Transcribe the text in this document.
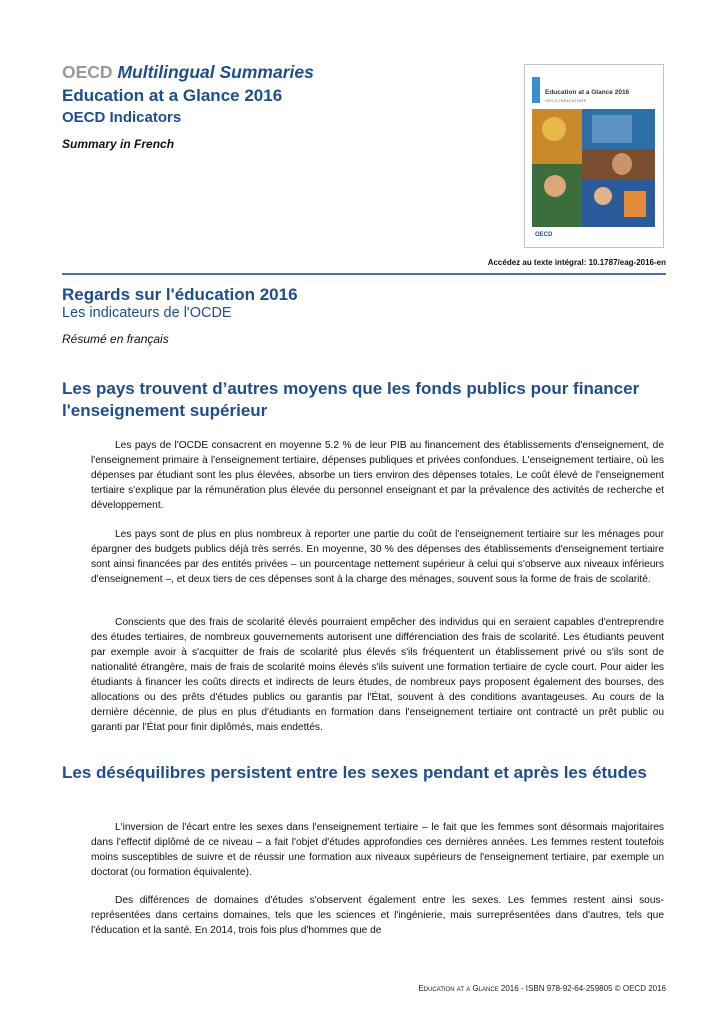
OECD Multilingual Summaries
Education at a Glance 2016
OECD Indicators
Summary in French
Education at a Glance 2016
OECD INDICATORS
OECD
Accédez au texte intégral: 10.1787/eag-2016-en
Regards sur l'éducation 2016
Les indicateurs de l'OCDE
Résumé en français
Les pays trouvent d’autres moyens que les fonds publics pour financer l'enseignement supérieur
Les pays de l'OCDE consacrent en moyenne 5.2 % de leur PIB au financement des établissements d'enseignement, de l'enseignement primaire à l'enseignement tertiaire, dépenses publiques et privées confondues. L'enseignement tertiaire, où les dépenses par étudiant sont les plus élevées, absorbe un tiers environ des dépenses totales. Le coût élevé de l'enseignement tertiaire s'explique par la rémunération plus élevée du personnel enseignant et par la prévalence des activités de recherche et développement.
Les pays sont de plus en plus nombreux à reporter une partie du coût de l'enseignement tertiaire sur les ménages pour épargner des budgets publics déjà très serrés. En moyenne, 30 % des dépenses des établissements d'enseignement tertiaire sont ainsi financées par des entités privées – un pourcentage nettement supérieur à celui qui s'observe aux niveaux inférieurs d'enseignement –, et deux tiers de ces dépenses sont à la charge des ménages, souvent sous la forme de frais de scolarité.
Conscients que des frais de scolarité élevés pourraient empêcher des individus qui en seraient capables d'entreprendre des études tertiaires, de nombreux gouvernements autorisent une différenciation des frais de scolarité. Les étudiants peuvent par exemple avoir à s'acquitter de frais de scolarité plus élevés s'ils fréquentent un établissement privé ou s'ils sont de nationalité étrangère, mais de frais de scolarité moins élevés s'ils suivent une formation tertiaire de cycle court. Pour aider les étudiants à financer les coûts directs et indirects de leurs études, de nombreux pays proposent également des bourses, des allocations ou des prêts d'études publics ou garantis par l'État, souvent à des conditions avantageuses. Au cours de la dernière décennie, de plus en plus d'étudiants en formation dans l'enseignement tertiaire ont contracté un prêt public ou garanti par l'État pour finir diplômés, mais endettés.
Les déséquilibres persistent entre les sexes pendant et après les études
L'inversion de l'écart entre les sexes dans l'enseignement tertiaire – le fait que les femmes sont désormais majoritaires dans l'effectif diplômé de ce niveau – a fait l'objet d'études approfondies ces dernières années. Les femmes restent toutefois moins susceptibles de suivre et de réussir une formation aux niveaux supérieurs de l'enseignement tertiaire, par exemple un doctorat (ou formation équivalente).
Des différences de domaines d'études s'observent également entre les sexes. Les femmes restent ainsi sous-représentées dans certains domaines, tels que les sciences et l'ingénierie, mais surreprésentées dans d'autres, tels que l'éducation et la santé. En 2014, trois fois plus d'hommes que de
Education at a Glance 2016 - ISBN 978-92-64-259805 © OECD 2016
